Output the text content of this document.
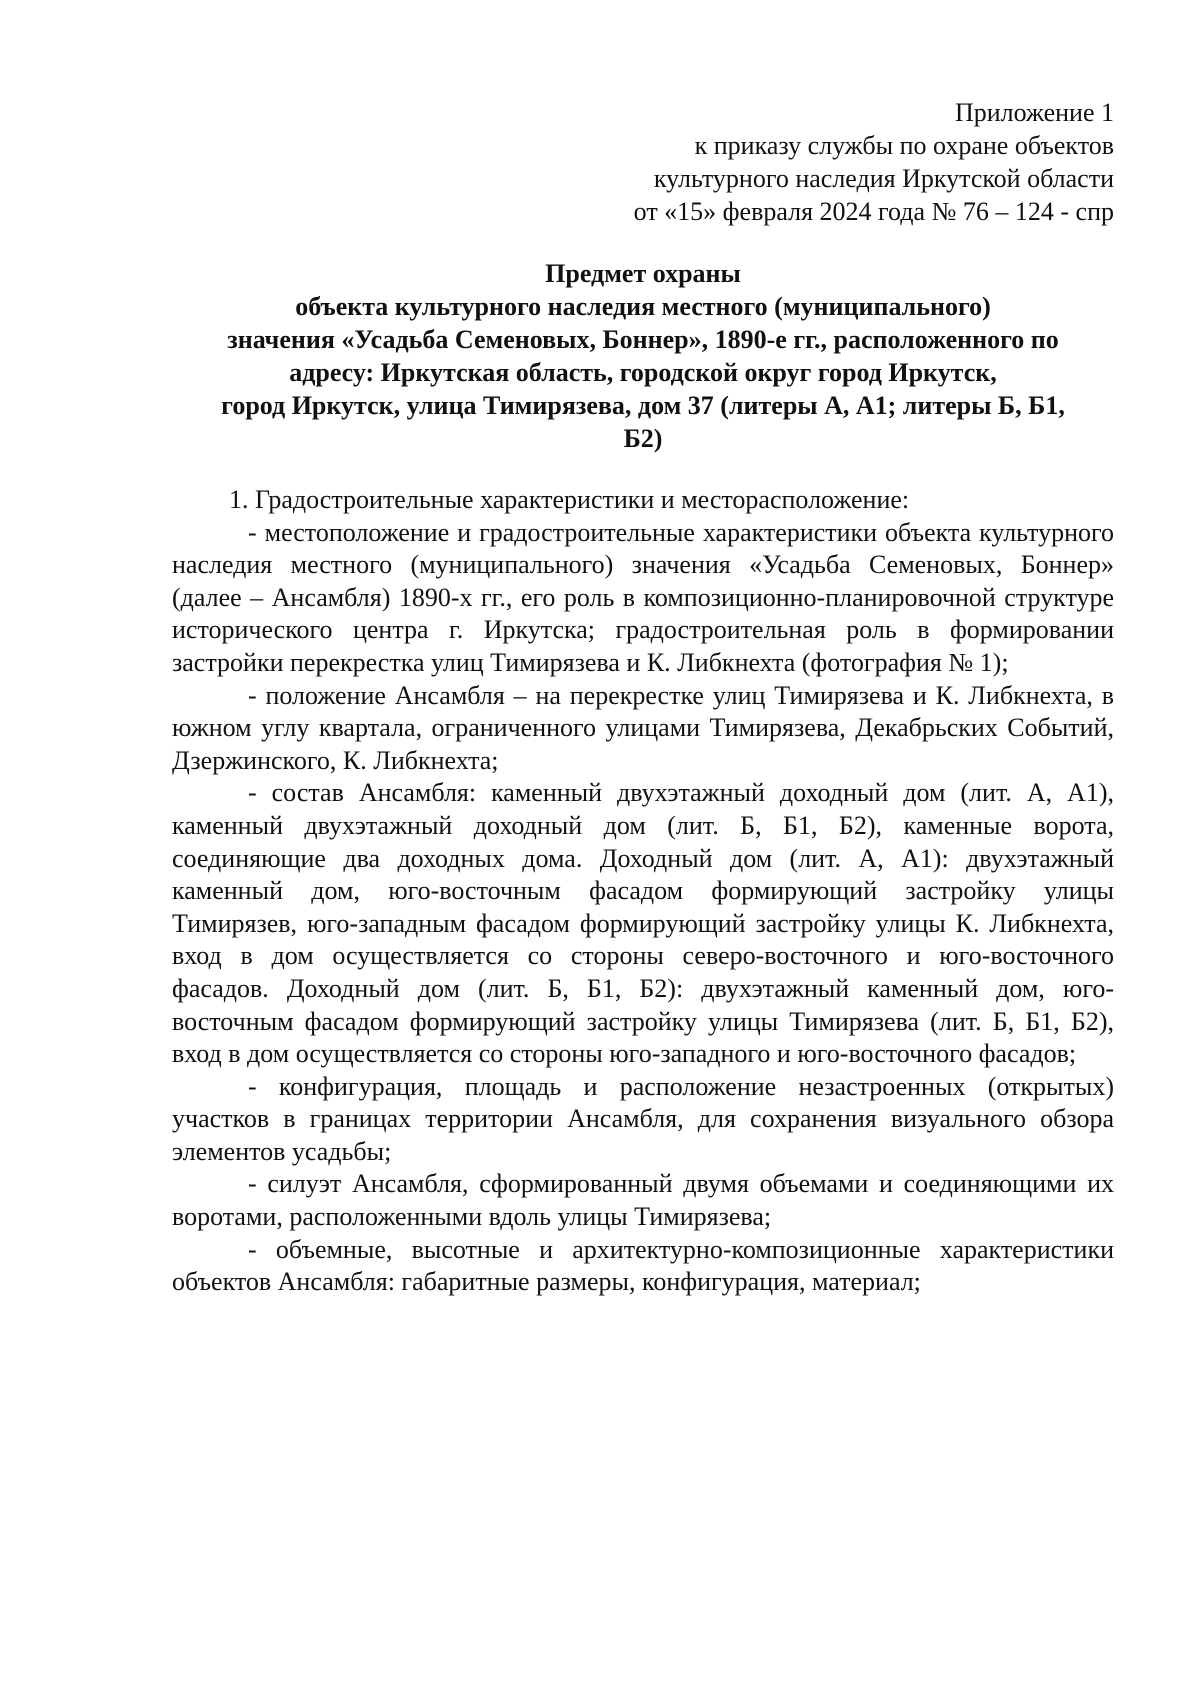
Приложение 1
к приказу службы по охране объектов
культурного наследия Иркутской области
от «15» февраля 2024 года № 76 – 124 - спр
Предмет охраны
объекта культурного наследия местного (муниципального)
значения «Усадьба Семеновых, Боннер», 1890-е гг., расположенного по
адресу: Иркутская область, городской округ город Иркутск,
город Иркутск, улица Тимирязева, дом 37 (литеры А, А1; литеры Б, Б1,
Б2)

1. Градостроительные характеристики и месторасположение:

- местоположение и градостроительные характеристики объекта культурного наследия местного (муниципального) значения «Усадьба Семеновых, Боннер» (далее – Ансамбля) 1890-х гг., его роль в композиционно-планировочной структуре исторического центра г. Иркутска; градостроительная роль в формировании застройки перекрестка улиц Тимирязева и К. Либкнехта (фотография № 1);

- положение Ансамбля – на перекрестке улиц Тимирязева и К. Либкнехта, в южном углу квартала, ограниченного улицами Тимирязева, Декабрьских Событий, Дзержинского, К. Либкнехта;

- состав Ансамбля: каменный двухэтажный доходный дом (лит. А, А1), каменный двухэтажный доходный дом (лит. Б, Б1, Б2), каменные ворота, соединяющие два доходных дома. Доходный дом (лит. А, А1): двухэтажный каменный дом, юго-восточным фасадом формирующий застройку улицы Тимирязев, юго-западным фасадом формирующий застройку улицы К. Либкнехта, вход в дом осуществляется со стороны северо-восточного и юго-восточного фасадов. Доходный дом (лит. Б, Б1, Б2): двухэтажный каменный дом, юго-восточным фасадом формирующий застройку улицы Тимирязева (лит. Б, Б1, Б2), вход в дом осуществляется со стороны юго-западного и юго-восточного фасадов;

- конфигурация, площадь и расположение незастроенных (открытых) участков в границах территории Ансамбля, для сохранения визуального обзора элементов усадьбы;

- силуэт Ансамбля, сформированный двумя объемами и соединяющими их воротами, расположенными вдоль улицы Тимирязева;

- объемные, высотные и архитектурно-композиционные характеристики объектов Ансамбля: габаритные размеры, конфигурация, материал;
